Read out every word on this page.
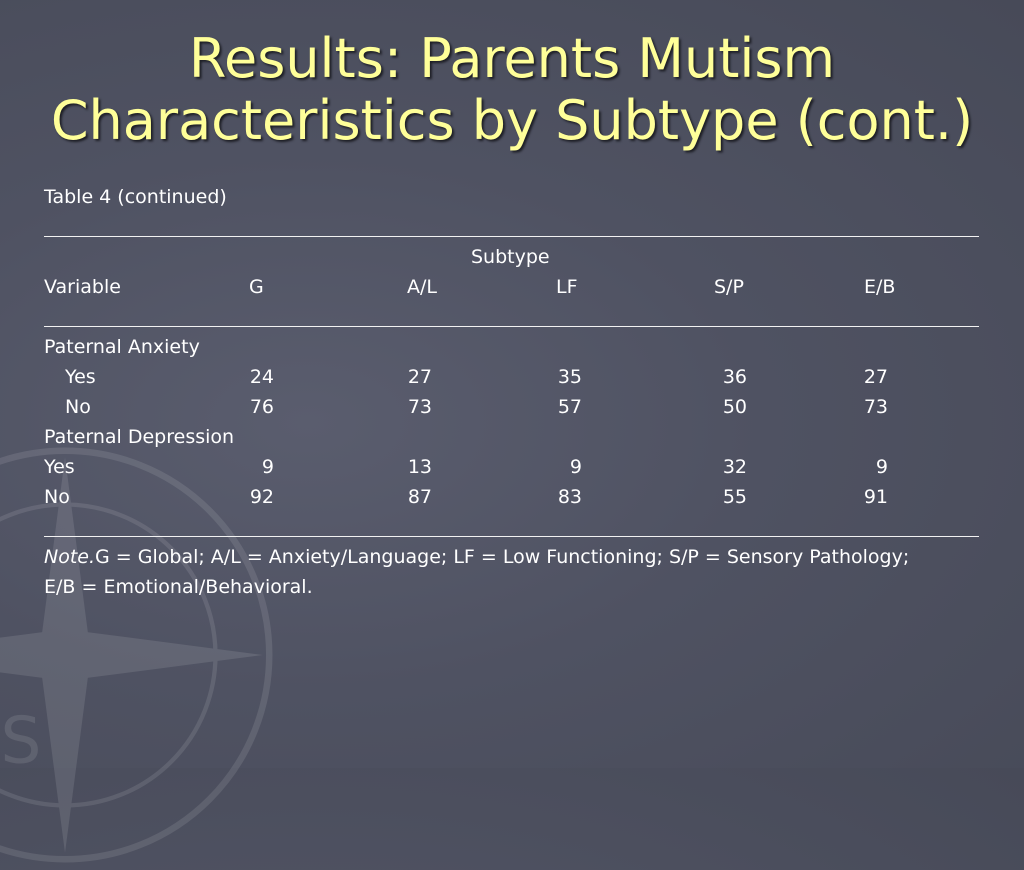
S
Results: Parents Mutism
Characteristics by Subtype (cont.)
Table 4 (continued)
Subtype
Variable	G	A/L	LF	S/P	E/B
Paternal Anxiety
Yes	24	27	35	36	27
No	76	73	57	50	73
Paternal Depression
Yes	9	13	9	32	9
No	92	87	83	55	91
Note.G = Global; A/L = Anxiety/Language; LF = Low Functioning; S/P = Sensory Pathology;
E/B = Emotional/Behavioral.
